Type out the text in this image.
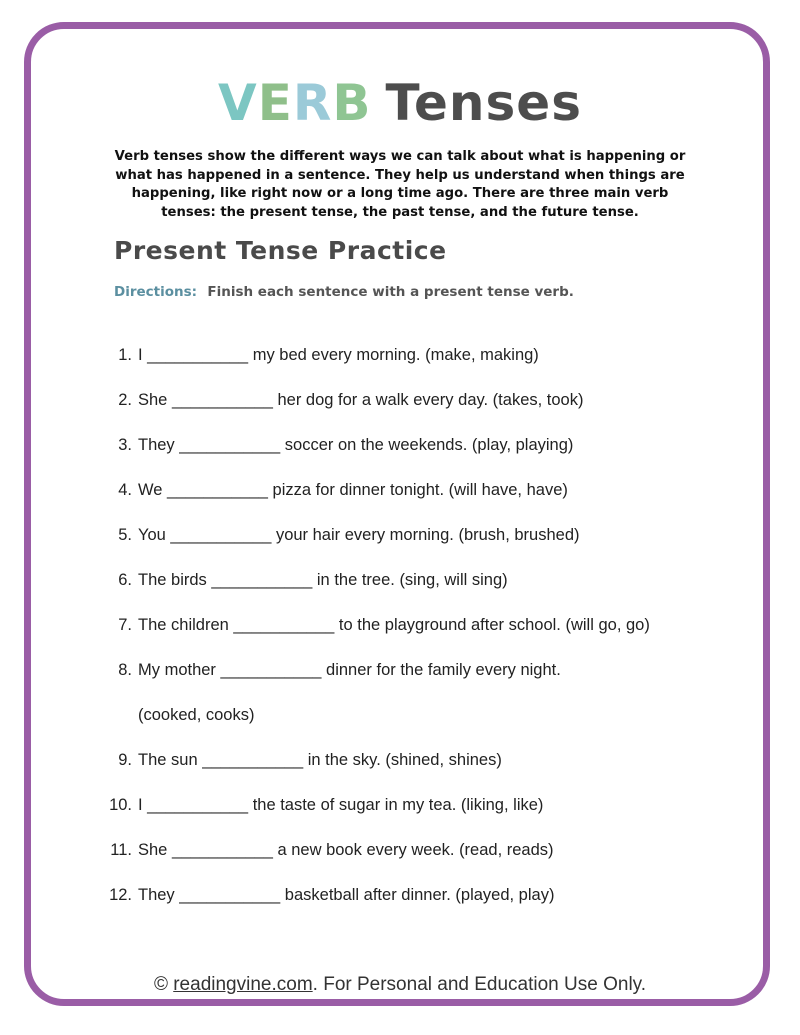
VERB Tenses

Verb tenses show the different ways we can talk about what is happening or what has happened in a sentence. They help us understand when things are happening, like right now or a long time ago. There are three main verb tenses: the present tense, the past tense, and the future tense.

Present Tense Practice
Directions: Finish each sentence with a present tense verb.
1. I ___________ my bed every morning. (make, making)
2. She ___________ her dog for a walk every day. (takes, took)
3. They ___________ soccer on the weekends. (play, playing)
4. We ___________ pizza for dinner tonight. (will have, have)
5. You ___________ your hair every morning. (brush, brushed)
6. The birds ___________ in the tree. (sing, will sing)
7. The children ___________ to the playground after school. (will go, go)
8. My mother ___________ dinner for the family every night.
(cooked, cooks)
9. The sun ___________ in the sky. (shined, shines)
10. I ___________ the taste of sugar in my tea. (liking, like)
11. She ___________ a new book every week. (read, reads)
12. They ___________ basketball after dinner. (played, play)
© readingvine.com. For Personal and Education Use Only.
